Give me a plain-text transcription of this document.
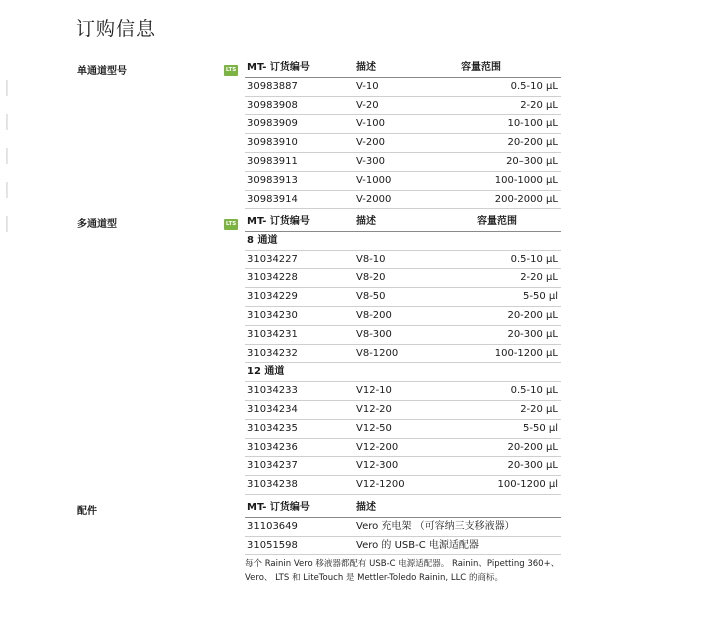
订购信息
|
|
|
|
|
单通道型号	LTS MT- 订货编号	描述	容量范围
30983887	V-10	0.5-10 µL
30983908	V-20	2-20 µL
30983909	V-100	10-100 µL
30983910	V-200	20-200 µL
30983911	V-300	20–300 µL
30983913	V-1000	100-1000 µL
30983914	V-2000	200-2000 µL
多通道型	LTS MT- 订货编号	描述	容量范围
8 通道
31034227	V8-10	0.5-10 µL
31034228	V8-20	2-20 µL
31034229	V8-50	5-50 µl
31034230	V8-200	20-200 µL
31034231	V8-300	20-300 µL
31034232	V8-1200	100-1200 µL
12 通道
31034233	V12-10	0.5-10 µL
31034234	V12-20	2-20 µL
31034235	V12-50	5-50 µl
31034236	V12-200	20-200 µL
31034237	V12-300	20-300 µL
31034238	V12-1200	100-1200 µl
配件	MT- 订货编号	描述
31103649	Vero 充电架 （可容纳三支移液器）
31051598	Vero 的 USB-C 电源适配器
每个 Rainin Vero 移液器都配有 USB-C 电源适配器。 Rainin、Pipetting 360+、
Vero、 LTS 和 LiteTouch 是 Mettler-Toledo Rainin, LLC 的商标。
